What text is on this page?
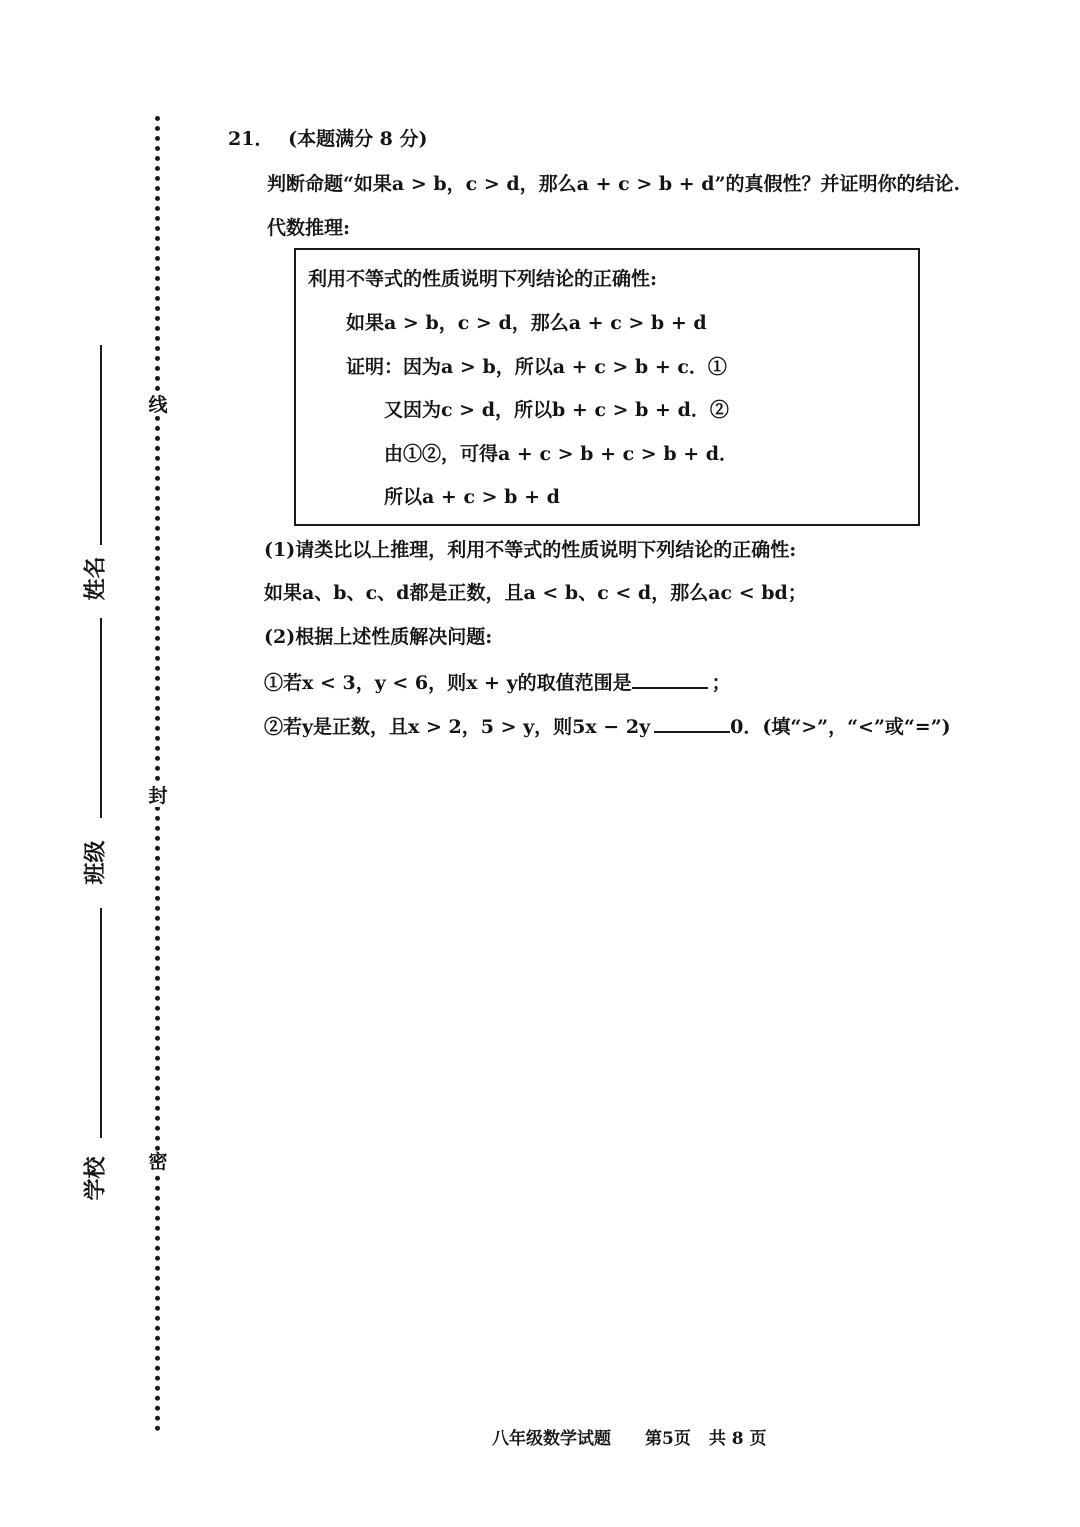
线
封
密
姓名
班级
学校
21． (本题满分 8 分)
判断命题“如果a > b，c > d，那么a + c > b + d”的真假性？并证明你的结论.
代数推理:
利用不等式的性质说明下列结论的正确性:
如果a > b，c > d，那么a + c > b + d
证明：因为a > b，所以a + c > b + c．①
又因为c > d，所以b + c > b + d．②
由①②，可得a + c > b + c > b + d．
所以a + c > b + d
(1)请类比以上推理，利用不等式的性质说明下列结论的正确性:
如果a、b、c、d都是正数，且a < b、c < d，那么ac < bd；
(2)根据上述性质解决问题:
①若x < 3，y < 6，则x + y的取值范围是	；
②若y是正数，且x > 2，5 > y，则5x − 2y	0．(填“>”，“<”或“=”)
八年级数学试题 第5页 共 8 页
